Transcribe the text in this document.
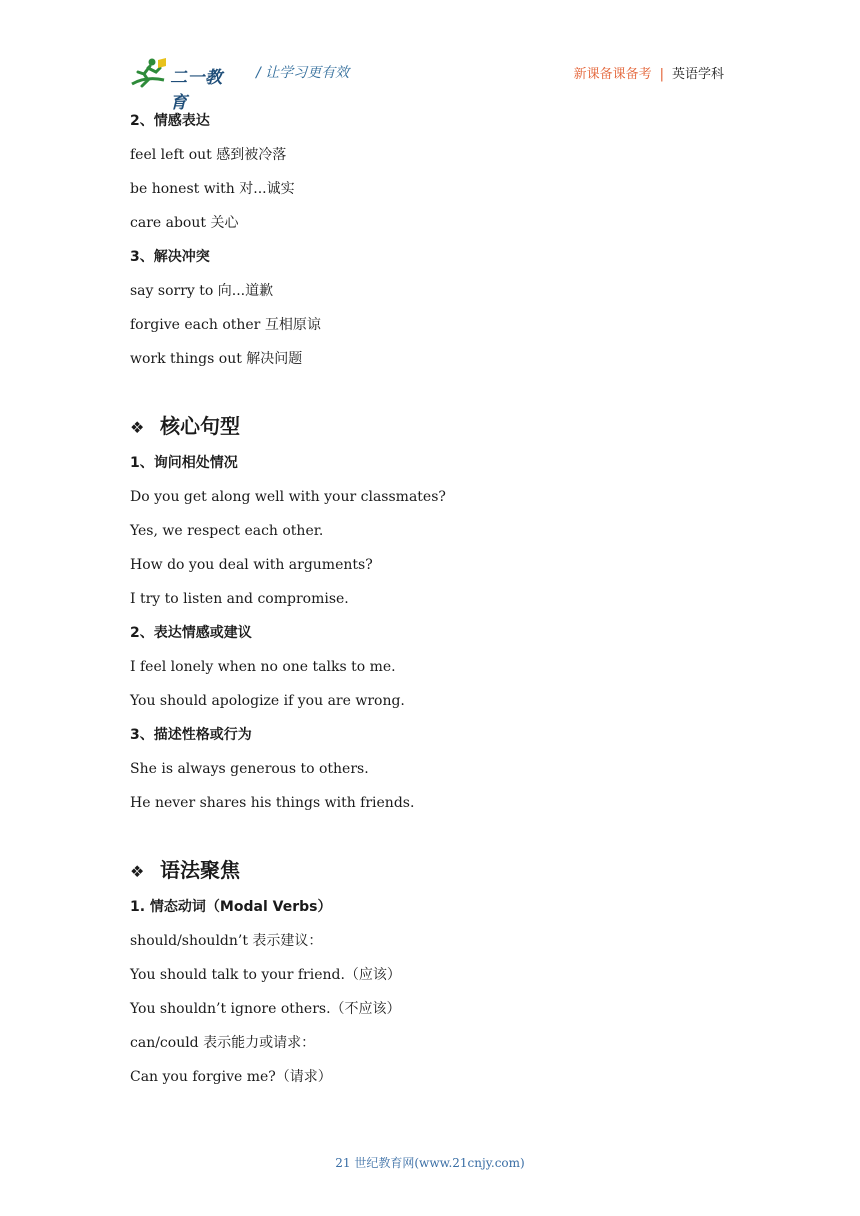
二一教育
/ 让学习更有效	新课备课备考 | 英语学科
2、情感表达
feel left out 感到被冷落
be honest with 对...诚实
care about 关心
3、解决冲突
say sorry to 向...道歉
forgive each other 互相原谅
work things out 解决问题
❖ 核心句型
1、询问相处情况
Do you get along well with your classmates?
Yes, we respect each other.
How do you deal with arguments?
I try to listen and compromise.
2、表达情感或建议
I feel lonely when no one talks to me.
You should apologize if you are wrong.
3、描述性格或行为
She is always generous to others.
He never shares his things with friends.
❖ 语法聚焦
1. 情态动词（Modal Verbs）
should/shouldn’t 表示建议：
You should talk to your friend.（应该）
You shouldn’t ignore others.（不应该）
can/could 表示能力或请求：
Can you forgive me?（请求）
21 世纪教育网(www.21cnjy.com)
